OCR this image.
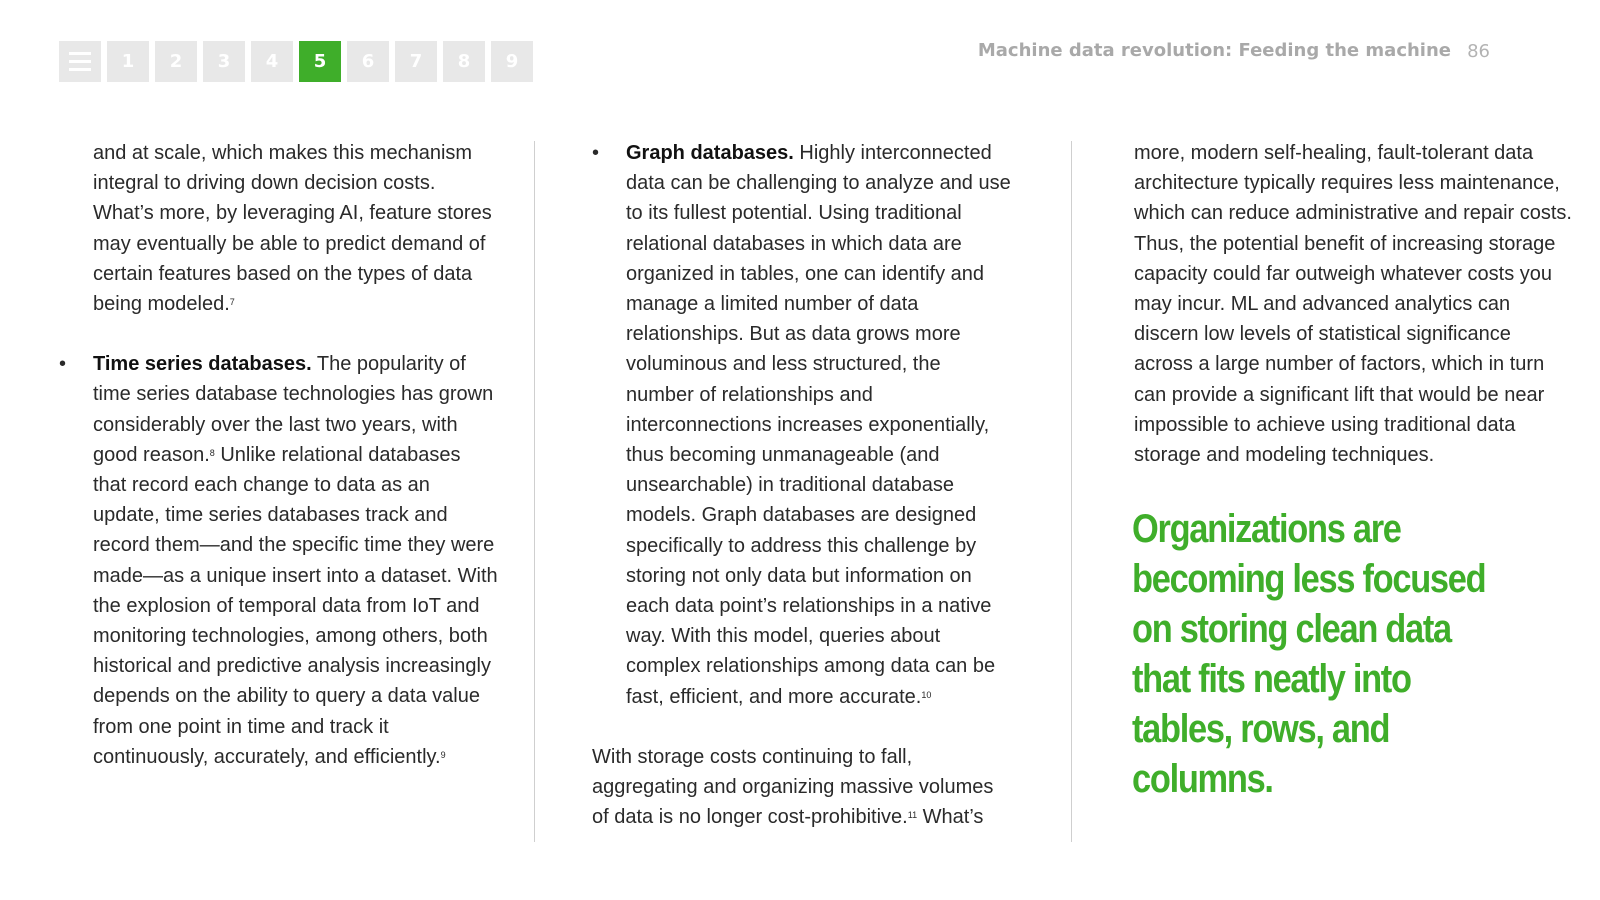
1	2	3	4	5	6	7	8	9
Machine data revolution: Feeding the machine 86

and at scale, which makes this mechanism integral to driving down decision costs. What’s more, by leveraging AI, feature stores may eventually be able to predict demand of certain features based on the types of data being modeled.$^7$

• Time series databases. The popularity of time series database technologies has grown considerably over the last two years, with good reason.$^8$ Unlike relational databases that record each change to data as an update, time series databases track and record them—and the specific time they were made—as a unique insert into a dataset. With the explosion of temporal data from IoT and monitoring technologies, among others, both historical and predictive analysis increasingly depends on the ability to query a data value from one point in time and track it continuously, accurately, and efficiently.$^9$

• Graph databases. Highly interconnected data can be challenging to analyze and use to its fullest potential. Using traditional relational databases in which data are organized in tables, one can identify and manage a limited number of data relationships. But as data grows more voluminous and less structured, the number of relationships and interconnections increases exponentially, thus becoming unmanageable (and unsearchable) in traditional database models. Graph databases are designed specifically to address this challenge by storing not only data but information on each data point’s relationships in a native way. With this model, queries about complex relationships among data can be fast, efficient, and more accurate.$^{10}$

With storage costs continuing to fall, aggregating and organizing massive volumes of data is no longer cost-prohibitive.$^{11}$ What’s

more, modern self-healing, fault-tolerant data architecture typically requires less maintenance, which can reduce administrative and repair costs. Thus, the potential benefit of increasing storage capacity could far outweigh whatever costs you may incur. ML and advanced analytics can discern low levels of statistical significance across a large number of factors, which in turn can provide a significant lift that would be near impossible to achieve using traditional data storage and modeling techniques.

Organizations are becoming less focused on storing clean data that fits neatly into tables, rows, and columns.
